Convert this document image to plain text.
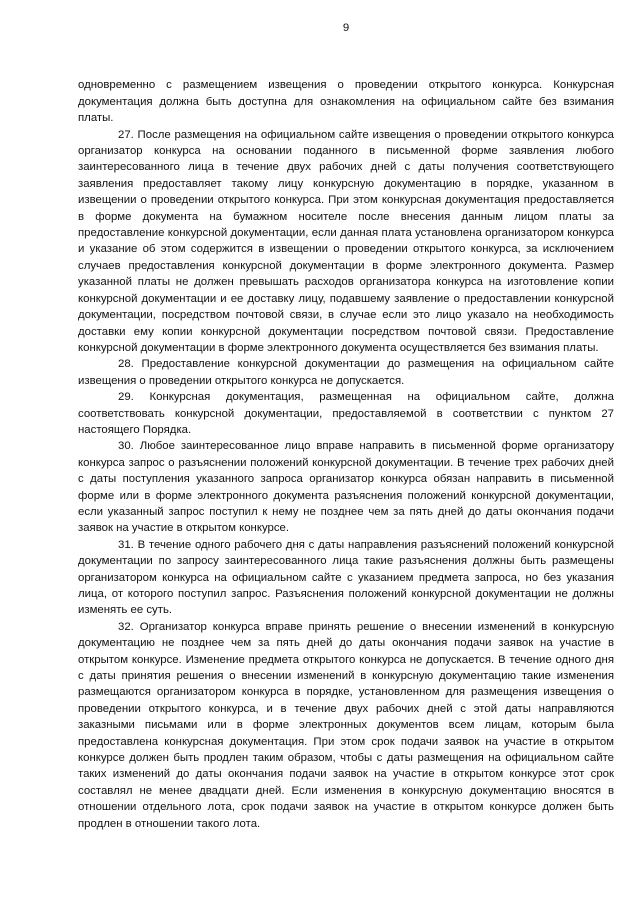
9

одновременно с размещением извещения о проведении открытого конкурса. Конкурсная документация должна быть доступна для ознакомления на официальном сайте без взимания платы.

27. После размещения на официальном сайте извещения о проведении открытого конкурса организатор конкурса на основании поданного в письменной форме заявления любого заинтересованного лица в течение двух рабочих дней с даты получения соответствующего заявления предоставляет такому лицу конкурсную документацию в порядке, указанном в извещении о проведении открытого конкурса. При этом конкурсная документация предоставляется в форме документа на бумажном носителе после внесения данным лицом платы за предоставление конкурсной документации, если данная плата установлена организатором конкурса и указание об этом содержится в извещении о проведении открытого конкурса, за исключением случаев предоставления конкурсной документации в форме электронного документа. Размер указанной платы не должен превышать расходов организатора конкурса на изготовление копии конкурсной документации и ее доставку лицу, подавшему заявление о предоставлении конкурсной документации, посредством почтовой связи, в случае если это лицо указало на необходимость доставки ему копии конкурсной документации посредством почтовой связи. Предоставление конкурсной документации в форме электронного документа осуществляется без взимания платы.

28. Предоставление конкурсной документации до размещения на официальном сайте извещения о проведении открытого конкурса не допускается.

29. Конкурсная документация, размещенная на официальном сайте, должна соответствовать конкурсной документации, предоставляемой в соответствии с пунктом 27 настоящего Порядка.

30. Любое заинтересованное лицо вправе направить в письменной форме организатору конкурса запрос о разъяснении положений конкурсной документации. В течение трех рабочих дней с даты поступления указанного запроса организатор конкурса обязан направить в письменной форме или в форме электронного документа разъяснения положений конкурсной документации, если указанный запрос поступил к нему не позднее чем за пять дней до даты окончания подачи заявок на участие в открытом конкурсе.

31. В течение одного рабочего дня с даты направления разъяснений положений конкурсной документации по запросу заинтересованного лица такие разъяснения должны быть размещены организатором конкурса на официальном сайте с указанием предмета запроса, но без указания лица, от которого поступил запрос. Разъяснения положений конкурсной документации не должны изменять ее суть.

32. Организатор конкурса вправе принять решение о внесении изменений в конкурсную документацию не позднее чем за пять дней до даты окончания подачи заявок на участие в открытом конкурсе. Изменение предмета открытого конкурса не допускается. В течение одного дня с даты принятия решения о внесении изменений в конкурсную документацию такие изменения размещаются организатором конкурса в порядке, установленном для размещения извещения о проведении открытого конкурса, и в течение двух рабочих дней с этой даты направляются заказными письмами или в форме электронных документов всем лицам, которым была предоставлена конкурсная документация. При этом срок подачи заявок на участие в открытом конкурсе должен быть продлен таким образом, чтобы с даты размещения на официальном сайте таких изменений до даты окончания подачи заявок на участие в открытом конкурсе этот срок составлял не менее двадцати дней. Если изменения в конкурсную документацию вносятся в отношении отдельного лота, срок подачи заявок на участие в открытом конкурсе должен быть продлен в отношении такого лота.
